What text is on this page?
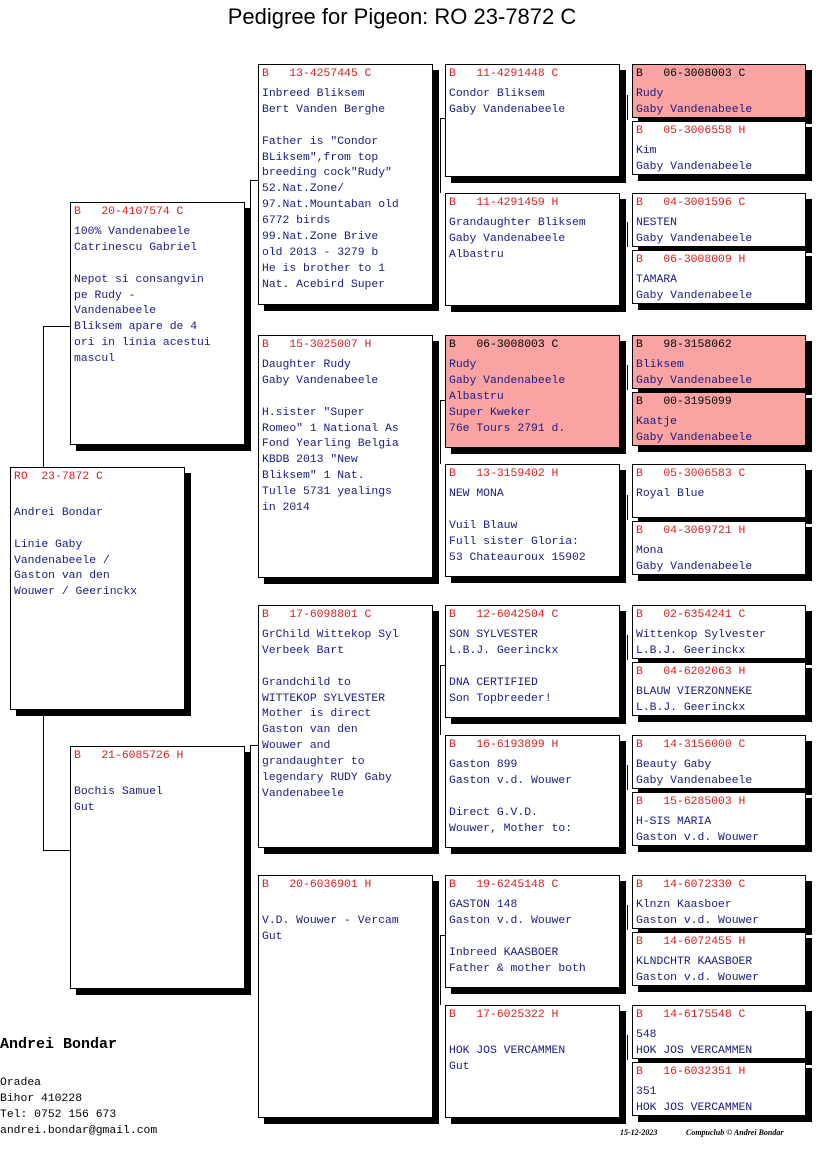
Pedigree for Pigeon: RO 23-7872 C
RO  23-7872 C
Andrei Bondar
Linie Gaby
Vandenabeele /
Gaston van den
Wouwer / Geerinckx
B   20-4107574 C
100% Vandenabeele
Catrinescu Gabriel
Nepot si consangvin
pe Rudy -
Vandenabeele
Bliksem apare de 4
ori in linia acestui
mascul
B   21-6085726 H
Bochis Samuel
Gut
B   13-4257445 C
Inbreed Bliksem
Bert Vanden Berghe
Father is "Condor
BLiksem",from top
breeding cock"Rudy"
52.Nat.Zone/
97.Nat.Mountaban old
6772 birds
99.Nat.Zone Brive
old 2013 - 3279 b
He is brother to 1
Nat. Acebird Super
B   15-3025007 H
Daughter Rudy
Gaby Vandenabeele
H.sister "Super
Romeo" 1 National As
Fond Yearling Belgia
KBDB 2013 "New
Bliksem" 1 Nat.
Tulle 5731 yealings
in 2014
B   17-6098801 C
GrChild Wittekop Syl
Verbeek Bart
Grandchild to
WITTEKOP SYLVESTER
Mother is direct
Gaston van den
Wouwer and
grandaughter to
legendary RUDY Gaby
Vandenabeele
B   20-6036901 H
V.D. Wouwer - Vercam
Gut
B   11-4291448 C
Condor Bliksem
Gaby Vandenabeele
B   11-4291459 H
Grandaughter Bliksem
Gaby Vandenabeele
Albastru
B   06-3008003 C
Rudy
Gaby Vandenabeele
Albastru
Super Kweker
76e Tours 2791 d.
B   13-3159402 H
NEW MONA
Vuil Blauw
Full sister Gloria:
53 Chateauroux 15902
B   12-6042504 C
SON SYLVESTER
L.B.J. Geerinckx
DNA CERTIFIED
Son Topbreeder!
B   16-6193899 H
Gaston 899
Gaston v.d. Wouwer
Direct G.V.D.
Wouwer, Mother to:
B   19-6245148 C
GASTON 148
Gaston v.d. Wouwer
Inbreed KAASBOER
Father & mother both
B   17-6025322 H
HOK JOS VERCAMMEN
Gut
B   06-3008003 C
Rudy
Gaby Vandenabeele
B   05-3006558 H
Kim
Gaby Vandenabeele
B   04-3001596 C
NESTEN
Gaby Vandenabeele
B   06-3008009 H
TAMARA
Gaby Vandenabeele
B   98-3158062
Bliksem
Gaby Vandenabeele
B   00-3195099
Kaatje
Gaby Vandenabeele
B   05-3006583 C
Royal Blue
B   04-3069721 H
Mona
Gaby Vandenabeele
B   02-6354241 C
Wittenkop Sylvester
L.B.J. Geerinckx
B   04-6202063 H
BLAUW VIERZONNEKE
L.B.J. Geerinckx
B   14-3156000 C
Beauty Gaby
Gaby Vandenabeele
B   15-6285003 H
H-SIS MARIA
Gaston v.d. Wouwer
B   14-6072330 C
Klnzn Kaasboer
Gaston v.d. Wouwer
B   14-6072455 H
KLNDCHTR KAASBOER
Gaston v.d. Wouwer
B   14-6175548 C
548
HOK JOS VERCAMMEN
B   16-6032351 H
351
HOK JOS VERCAMMEN
Andrei Bondar
Oradea
Bihor 410228
Tel: 0752 156 673
andrei.bondar@gmail.com	15-12-2023	Compuclub © Andrei Bondar
